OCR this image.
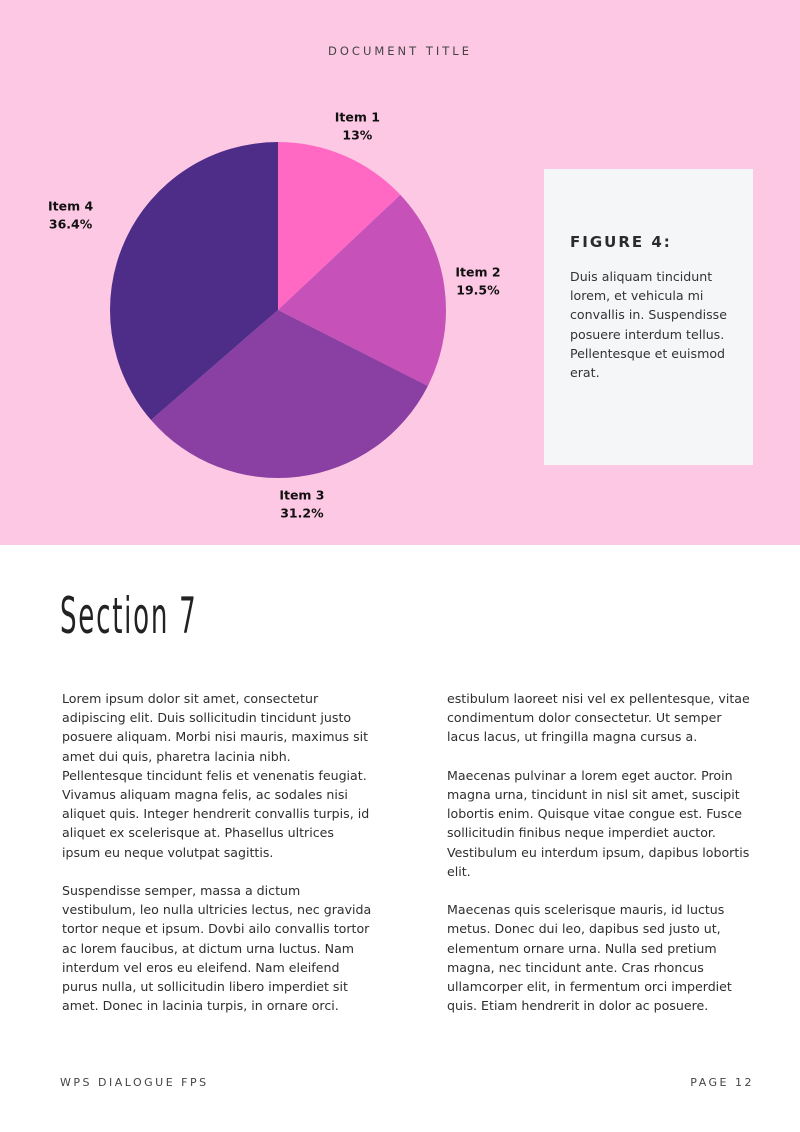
DOCUMENT TITLE
Item 1
13%
Item 2
19.5%
Item 3
31.2%
Item 4
36.4%
FIGURE 4:
Duis aliquam tincidunt lorem, et vehicula mi convallis in. Suspendisse posuere interdum tellus. Pellentesque et euismod erat.
Section 7

Lorem ipsum dolor sit amet, consectetur adipiscing elit. Duis sollicitudin tincidunt justo posuere aliquam. Morbi nisi mauris, maximus sit amet dui quis, pharetra lacinia nibh. Pellentesque tincidunt felis et venenatis feugiat. Vivamus aliquam magna felis, ac sodales nisi aliquet quis. Integer hendrerit convallis turpis, id aliquet ex scelerisque at. Phasellus ultrices ipsum eu neque volutpat sagittis.

Suspendisse semper, massa a dictum vestibulum, leo nulla ultricies lectus, nec gravida tortor neque et ipsum. Dovbi ailo convallis tortor ac lorem faucibus, at dictum urna luctus. Nam interdum vel eros eu eleifend. Nam eleifend purus nulla, ut sollicitudin libero imperdiet sit amet. Donec in lacinia turpis, in ornare orci.

estibulum laoreet nisi vel ex pellentesque, vitae condimentum dolor consectetur. Ut semper lacus lacus, ut fringilla magna cursus a.

Maecenas pulvinar a lorem eget auctor. Proin magna urna, tincidunt in nisl sit amet, suscipit lobortis enim. Quisque vitae congue est. Fusce sollicitudin finibus neque imperdiet auctor. Vestibulum eu interdum ipsum, dapibus lobortis elit.

Maecenas quis scelerisque mauris, id luctus metus. Donec dui leo, dapibus sed justo ut, elementum ornare urna. Nulla sed pretium magna, nec tincidunt ante. Cras rhoncus ullamcorper elit, in fermentum orci imperdiet quis. Etiam hendrerit in dolor ac posuere.

WPS DIALOGUE FPS	PAGE 12
